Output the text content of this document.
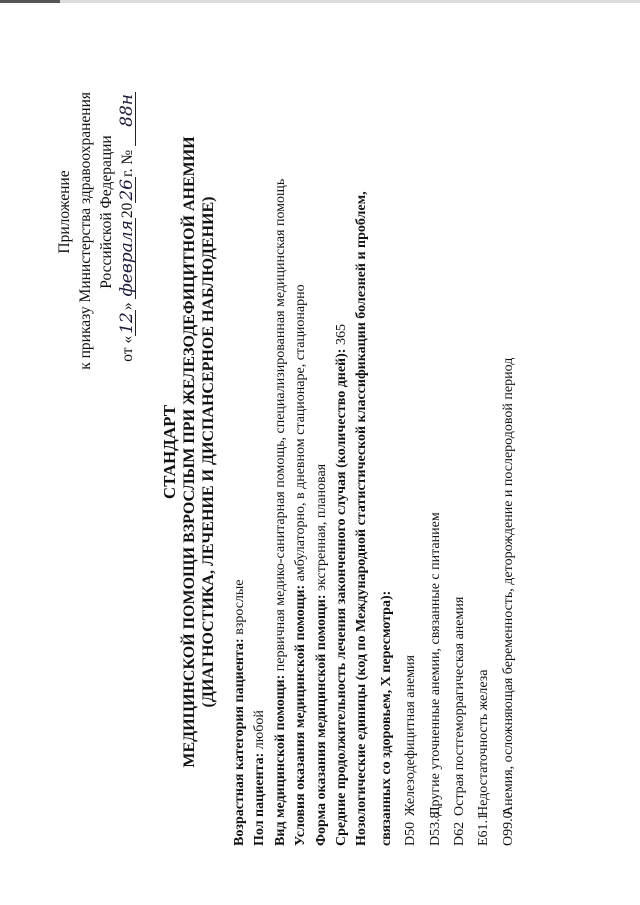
Приложение к приказу Министерства здравоохранения Российской Федерации
от «12» февраля2026г. № 88н
СТАНДАРТ МЕДИЦИНСКОЙ ПОМОЩИ ВЗРОСЛЫМ ПРИ ЖЕЛЕЗОДЕФИЦИТНОЙ АНЕМИИ (ДИАГНОСТИКА, ЛЕЧЕНИЕ И ДИСПАНСЕРНОЕ НАБЛЮДЕНИЕ)
Возрастная категория пациента: взрослые
Пол пациента: любой Вид медицинской помощи: первичная медико-санитарная помощь, специализированная медицинская помощь
Условия оказания медицинской помощи: амбулаторно, в дневном стационаре, стационарно
Форма оказания медицинской помощи: экстренная, плановая Средние продолжительность лечения законченного случая (количество дней): 365 Нозологические единицы (код по Международной статистической классификации болезней и проблем, связанных со здоровьем, X пересмотра): D50
Железодефицитная анемия
D53.8
Другие уточненные анемии, связанные с питанием
D62
Острая постгеморрагическая анемия
E61.1
Недостаточность железа
O99.0
Анемия, осложняющая беременность, деторождение и послеродовой период
